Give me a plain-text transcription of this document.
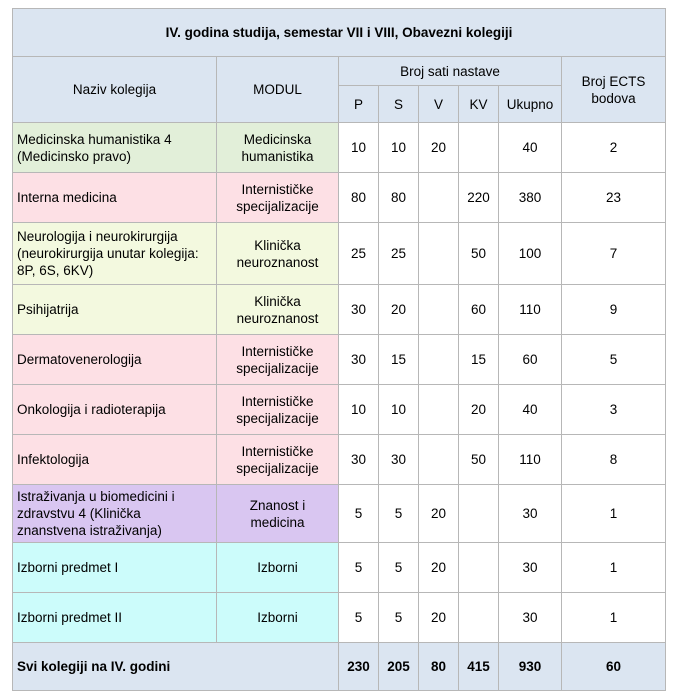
IV. godina studija, semestar VII i VIII, Obavezni kolegiji							
Naziv kolegija	MODUL	Broj sati nastave					Broj ECTS bodova
		P	S	V	KV	Ukupno	
Medicinska humanistika 4 (Medicinsko pravo)	Medicinska humanistika	10	10	20		40	2
Interna medicina	Internističke specijalizacije	80	80		220	380	23
Neurologija i neurokirurgija (neurokirurgija unutar kolegija: 8P, 6S, 6KV)	Klinička neuroznanost	25	25		50	100	7
Psihijatrija	Klinička neuroznanost	30	20		60	110	9
Dermatovenerologija	Internističke specijalizacije	30	15		15	60	5
Onkologija i radioterapija	Internističke specijalizacije	10	10		20	40	3
Infektologija	Internističke specijalizacije	30	30		50	110	8
Istraživanja u biomedicini i zdravstvu 4 (Klinička znanstvena istraživanja)	Znanost i medicina	5	5	20		30	1
Izborni predmet I	Izborni	5	5	20		30	1
Izborni predmet II	Izborni	5	5	20		30	1
Svi kolegiji na IV. godini		230	205	80	415	930	60
